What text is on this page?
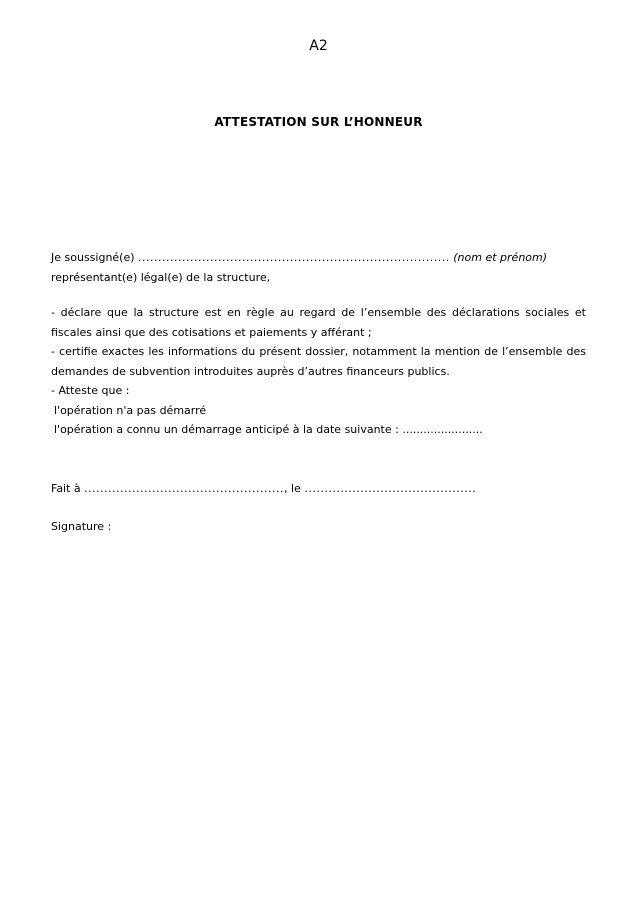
A2
ATTESTATION SUR L’HONNEUR

Je soussigné(e) .............................................................................. (nom et prénom)
représentant(e) légal(e) de la structure,

- déclare que la structure est en règle au regard de l’ensemble des déclarations sociales et fiscales ainsi que des cotisations et paiements y afférant ;

- certifie exactes les informations du présent dossier, notamment la mention de l’ensemble des demandes de subvention introduites auprès d’autres financeurs publics.

- Atteste que :

l'opération n'a pas démarré

l'opération a connu un démarrage anticipé à la date suivante : .......................

Fait à .................................................., le ...........................................

Signature :
